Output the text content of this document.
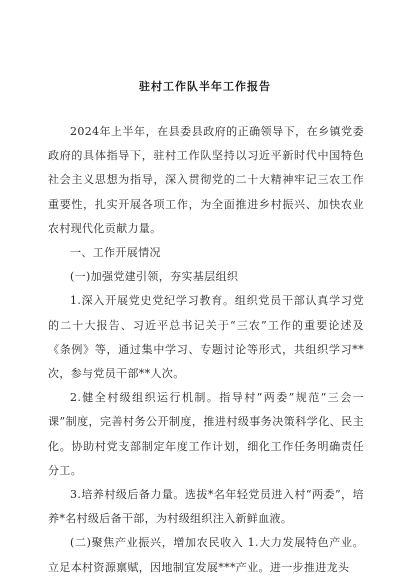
驻村工作队半年工作报告

2024年上半年，在县委县政府的正确领导下，在乡镇党委政府的具体指导下，驻村工作队坚持以习近平新时代中国特色社会主义思想为指导，深入贯彻党的二十大精神牢记三农工作重要性，扎实开展各项工作，为全面推进乡村振兴、加快农业农村现代化贡献力量。

一、工作开展情况

(一)加强党建引领，夯实基层组织

1.深入开展党史党纪学习教育。组织党员干部认真学习党的二十大报告、习近平总书记关于“三农”工作的重要论述及《条例》等，通过集中学习、专题讨论等形式，共组织学习**次，参与党员干部**人次。

2.健全村级组织运行机制。指导村“两委”规范“三会一课”制度，完善村务公开制度，推进村级事务决策科学化、民主化。协助村党支部制定年度工作计划，细化工作任务明确责任分工。

3.培养村级后备力量。选拔*名年轻党员进入村“两委”，培养*名村级后备干部，为村级组织注入新鲜血液。

(二)聚焦产业振兴，增加农民收入 1.大力发展特色产业。立足本村资源禀赋，因地制宜发展***产业。进一步推进龙头
